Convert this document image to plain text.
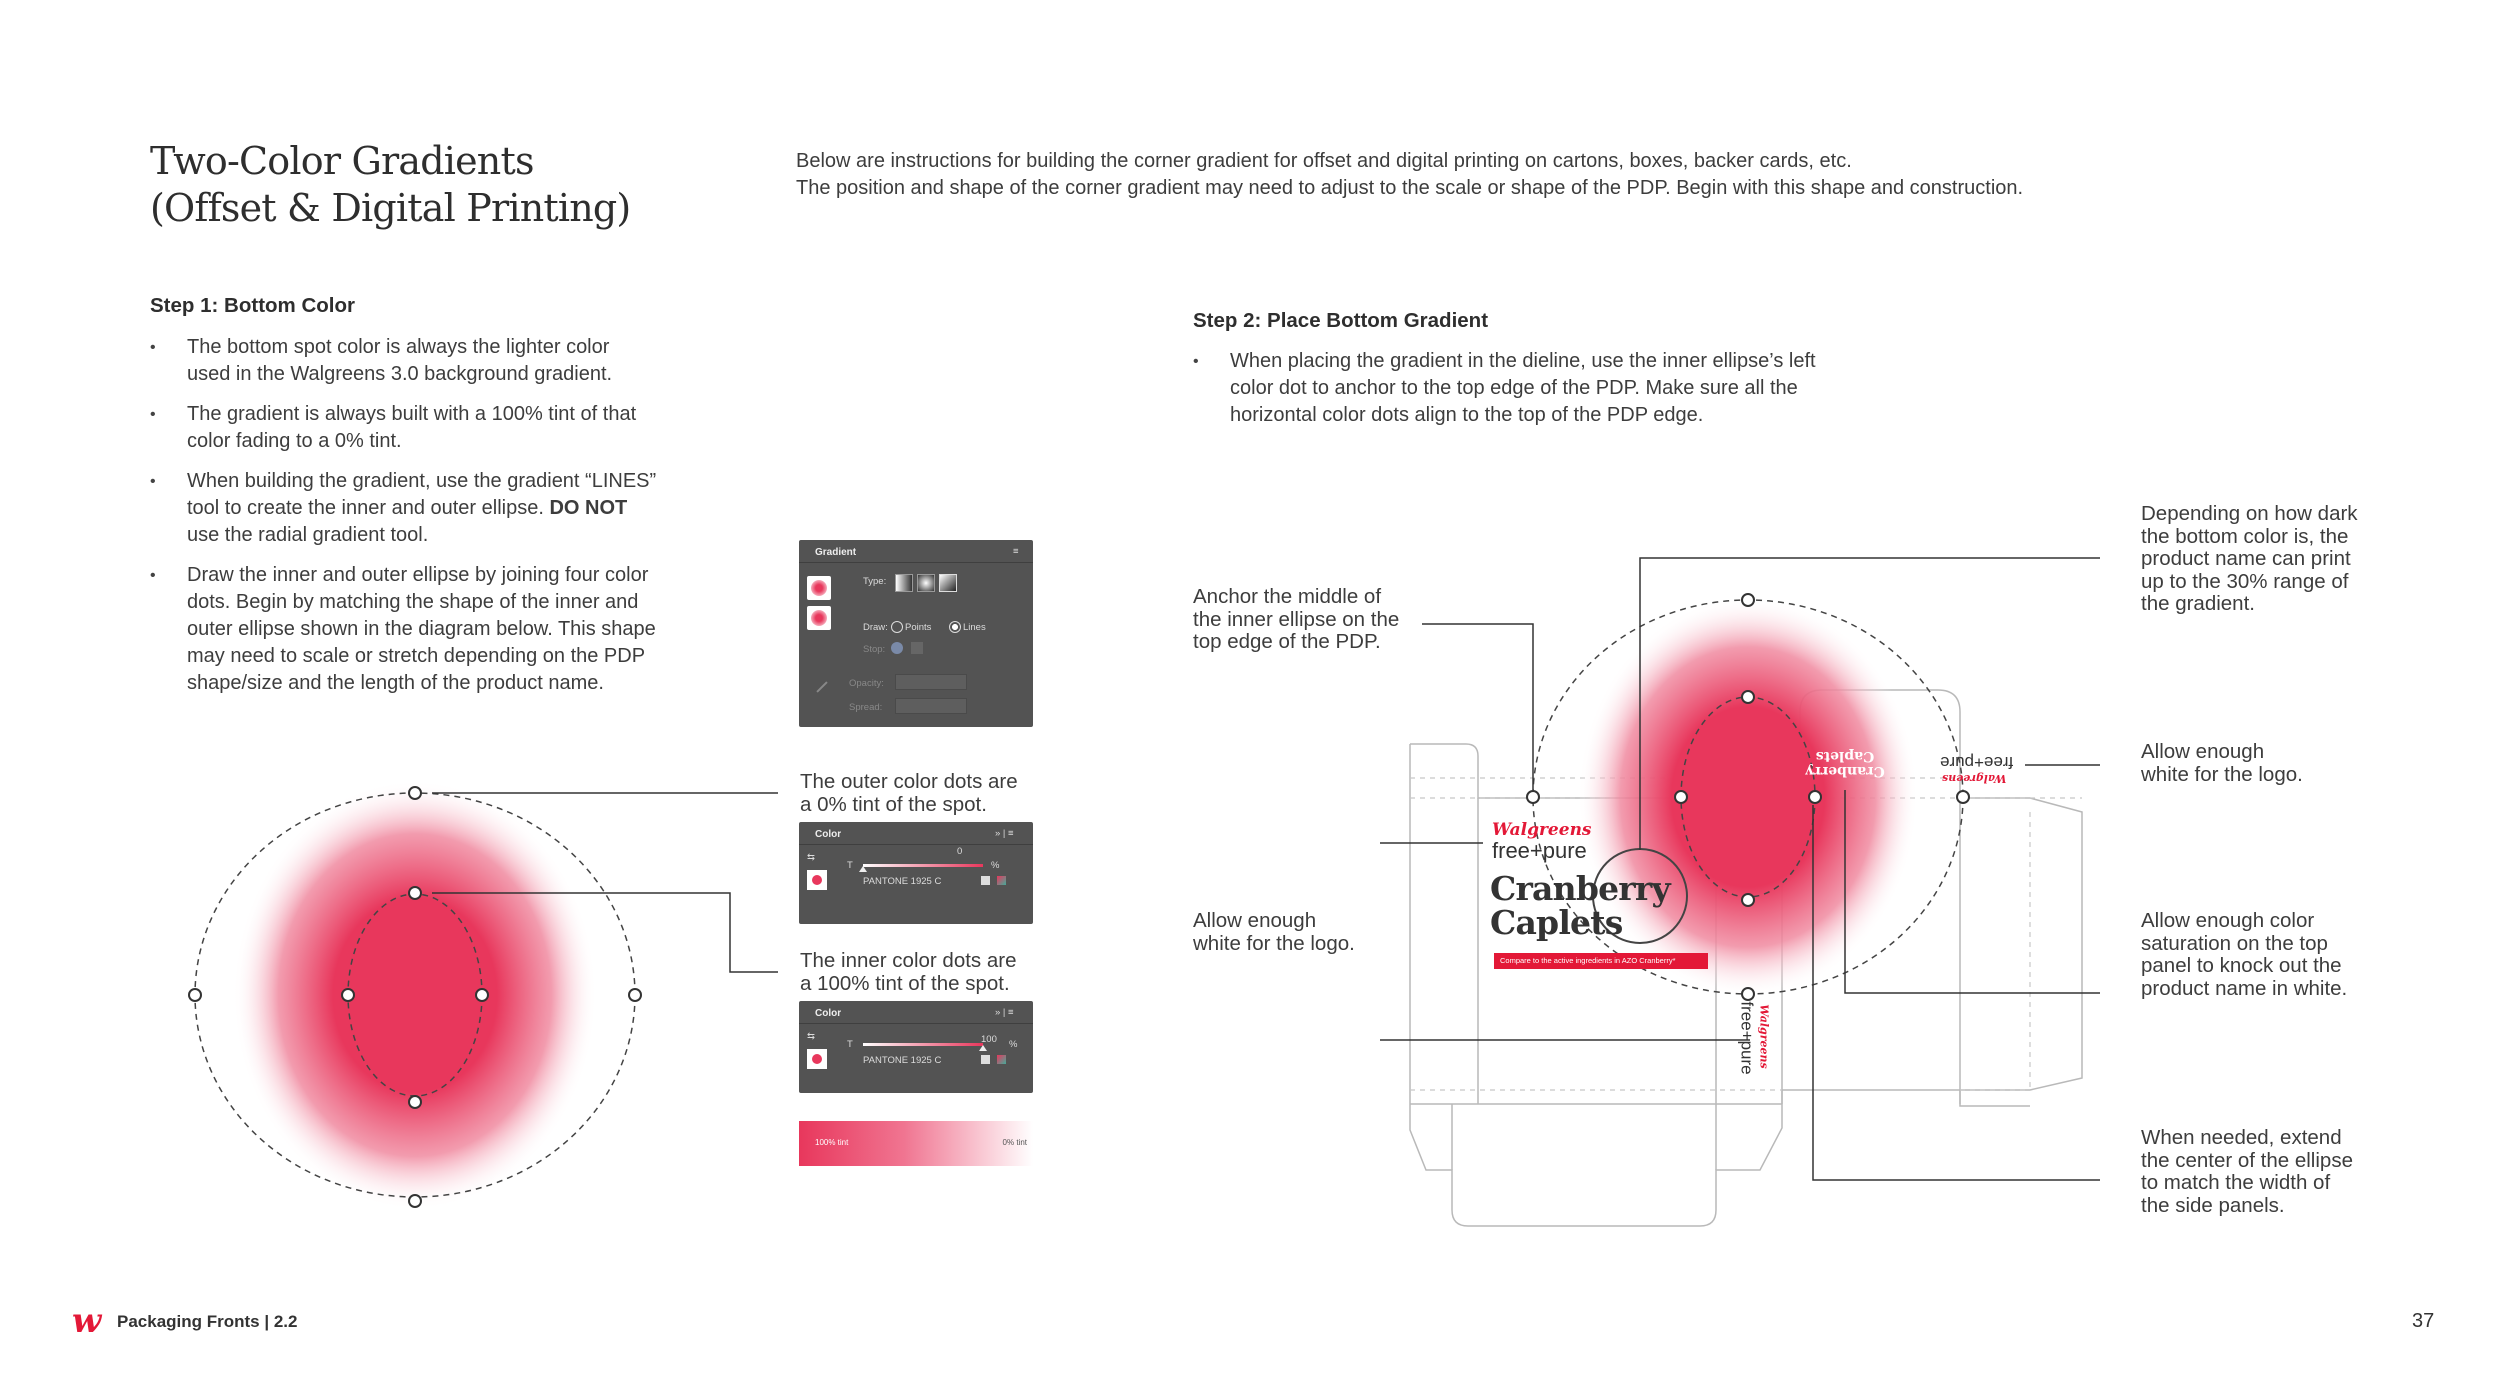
Two-Color Gradients
(Offset & Digital Printing)
Below are instructions for building the corner gradient for offset and digital printing on cartons, boxes, backer cards, etc.
The position and shape of the corner gradient may need to adjust to the scale or shape of the PDP. Begin with this shape and construction.
Step 1: Bottom Color
• The bottom spot color is always the lighter color
used in the Walgreens 3.0 background gradient.
• The gradient is always built with a 100% tint of that
color fading to a 0% tint.
• When building the gradient, use the gradient “LINES”
tool to create the inner and outer ellipse. DO NOT
use the radial gradient tool.
• Draw the inner and outer ellipse by joining four color
dots. Begin by matching the shape of the inner and
outer ellipse shown in the diagram below. This shape
may need to scale or stretch depending on the PDP
shape/size and the length of the product name.
Step 2: Place Bottom Gradient
• When placing the gradient in the dieline, use the inner ellipse’s left
color dot to anchor to the top edge of the PDP. Make sure all the
horizontal color dots align to the top of the PDP edge.
Gradient	≡
Type:
Draw: Points	Lines
Stop:
Opacity:
Spread:
The outer color dots are
a 0% tint of the spot.
Color	» | ≡
⇆
T
0
%
PANTONE 1925 C
The inner color dots are
a 100% tint of the spot.
Color	» | ≡
⇆
T	100 %
PANTONE 1925 C
100% tint	0% tint
Walgreens
free+pure
Cranberry
Caplets
Compare to the active ingredients in AZO Cranberry*
Cranberry Caplets	free+pure
Walgreens
free+pure Walgreens
Anchor the middle of
the inner ellipse on the
top edge of the PDP.
Allow enough
white for the logo.
Depending on how dark
the bottom color is, the
product name can print
up to the 30% range of
the gradient.
Allow enough
white for the logo.
Allow enough color
saturation on the top
panel to knock out the
product name in white.
When needed, extend
the center of the ellipse
to match the width of
the side panels.
w Packaging Fronts | 2.2	37
